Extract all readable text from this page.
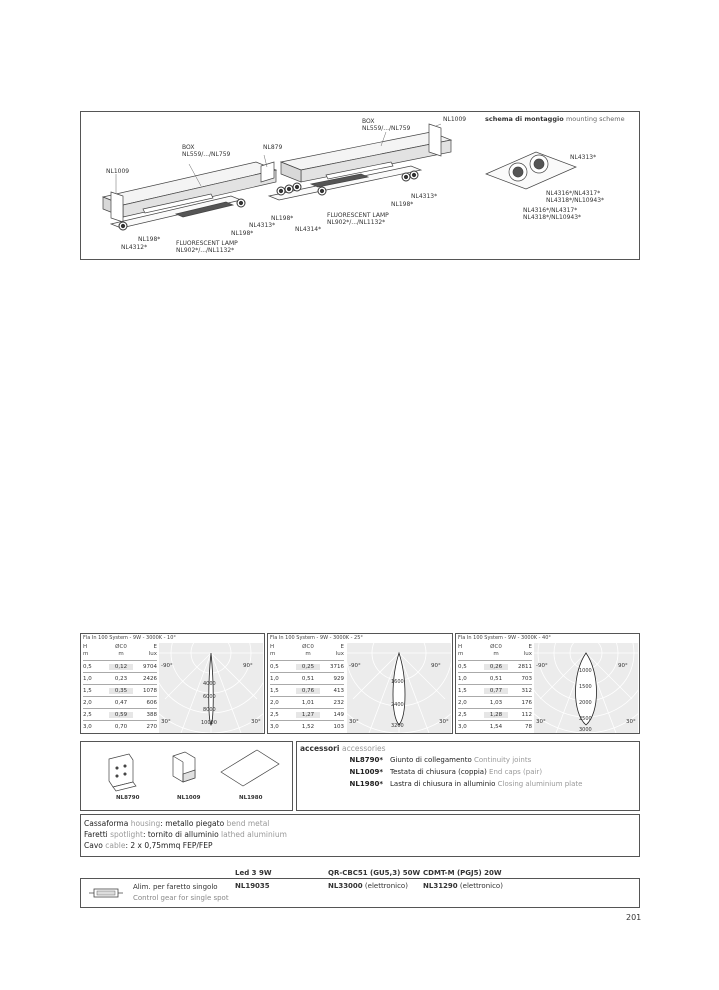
schema di montaggio mounting scheme
BOX
NL559/.../NL759
BOX
NL559/.../NL759
NL1009
NL1009
NL879
NL4312*
NL198*
NL198*
NL198*
NL198*
FLUORESCENT LAMP
NL902*/.../NL1132*
FLUORESCENT LAMP
NL902*/.../NL1132*
NL4313*
NL4313*
NL4314*
NL4313*
NL4316*/NL4317*
NL4318*/NL10943*
NL4316*/NL4317*
NL4318*/NL10943*
Fla In 100 System - 9W - 3000K - 10°
H
m
ØC0
m
E
lux
0,5	0,12	9704
1,0	0,23	2426
1,5	0,35	1078
2,0	0,47	606
2,5	0,59	388
3,0	0,70	270
-90°	90°
30°	30°
4000
6000
8000
10000
Fla In 100 System - 9W - 3000K - 25°
H
m
ØC0
m
E
lux
0,5	0,25	3716
1,0	0,51	929
1,5	0,76	413
2,0	1,01	232
2,5	1,27	149
3,0	1,52	103
-90°	90°
30°	30°
1600
2400
3200
Fla In 100 System - 9W - 3000K - 40°
H
m
ØC0
m
E
lux
0,5	0,26	2811
1,0	0,51	703
1,5	0,77	312
2,0	1,03	176
2,5	1,28	112
3,0	1,54	78
-90°	90°
30°	30°
1000
1500
2000
2500
3000
NL8790	NL1009	NL1980
accessori accessories
NL8790* Giunto di collegamento Continuity joints
NL1009* Testata di chiusura (coppia) End caps (pair)
NL1980* Lastra di chiusura in alluminio Closing aluminium plate
Cassaforma housing: metallo piegato bend metal
Faretti spotlight: tornito di alluminio lathed aluminium
Cavo cable: 2 x 0,75mmq FEP/FEP
Led 3 9W	QR-CBC51 (GU5,3) 50W CDMT-M (PGJ5) 20W
Alim. per faretto singolo
Control gear for single spot
NL19035	NL33000 (elettronico) NL31290 (elettronico)
201
